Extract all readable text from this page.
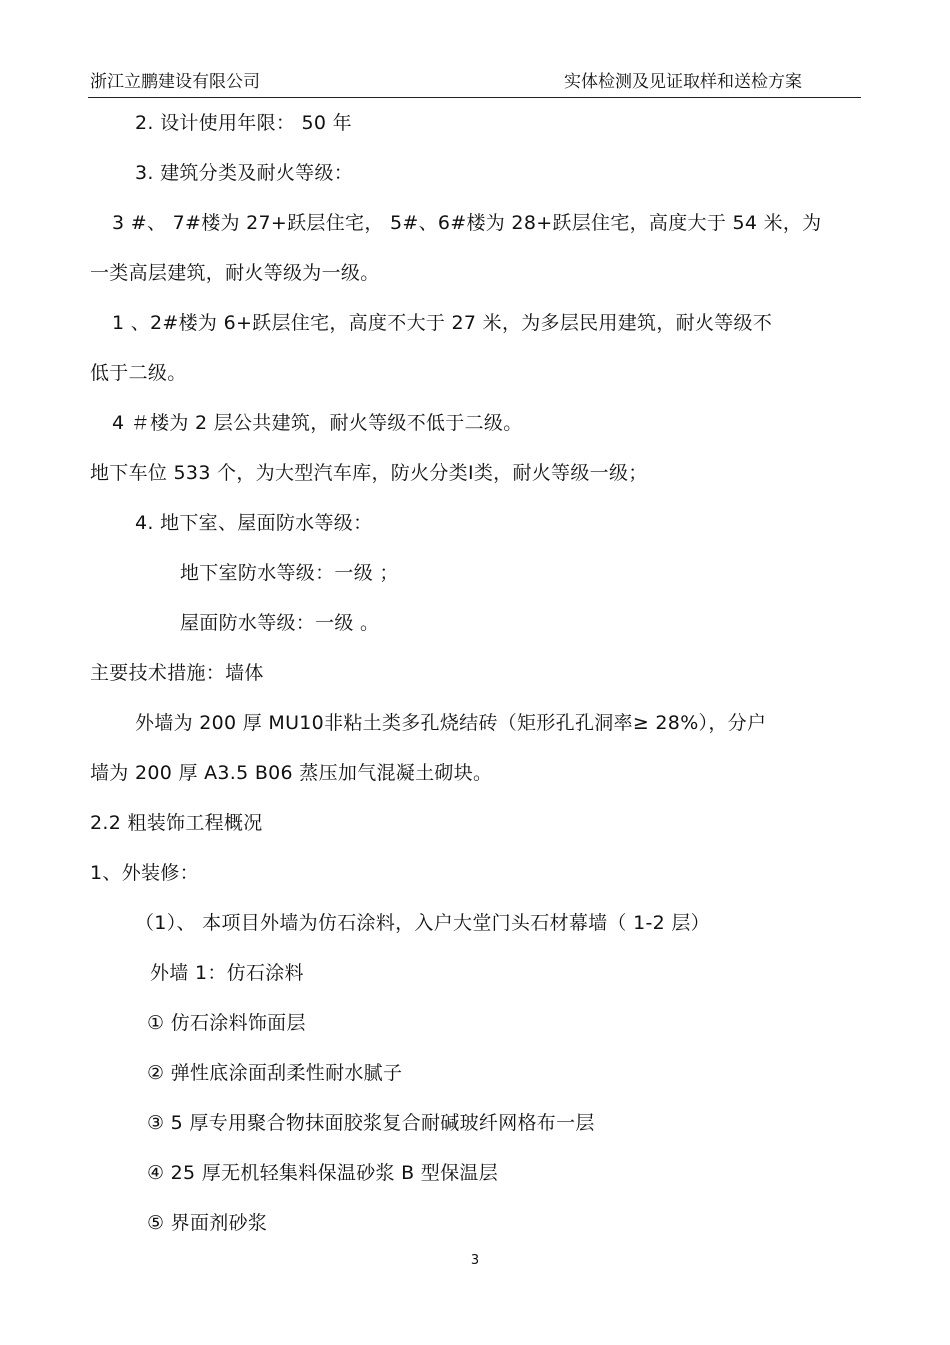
浙江立鹏建设有限公司	实体检测及见证取样和送检方案
2. 设计使用年限： 50 年
3. 建筑分类及耐火等级：
3 #、 7#楼为 27+跃层住宅， 5#、6#楼为 28+跃层住宅，高度大于 54 米，为
一类高层建筑，耐火等级为一级。
1 、2#楼为 6+跃层住宅，高度不大于 27 米，为多层民用建筑，耐火等级不
低于二级。
4 ＃楼为 2 层公共建筑，耐火等级不低于二级。
地下车位 533 个，为大型汽车库，防火分类Ⅰ类，耐火等级一级；
4. 地下室、屋面防水等级：
地下室防水等级：一级 ；
屋面防水等级：一级 。
主要技术措施：墙体
外墙为 200 厚 MU10非粘土类多孔烧结砖（矩形孔孔洞率≥ 28%），分户
墙为 200 厚 A3.5 B06 蒸压加气混凝土砌块。
2.2 粗装饰工程概况
1、外装修：
（1）、 本项目外墙为仿石涂料，入户大堂门头石材幕墙（ 1-2 层）
外墙 1：仿石涂料
① 仿石涂料饰面层
② 弹性底涂面刮柔性耐水腻子
③ 5 厚专用聚合物抹面胶浆复合耐碱玻纤网格布一层
④ 25 厚无机轻集料保温砂浆 B 型保温层
⑤ 界面剂砂浆
3
